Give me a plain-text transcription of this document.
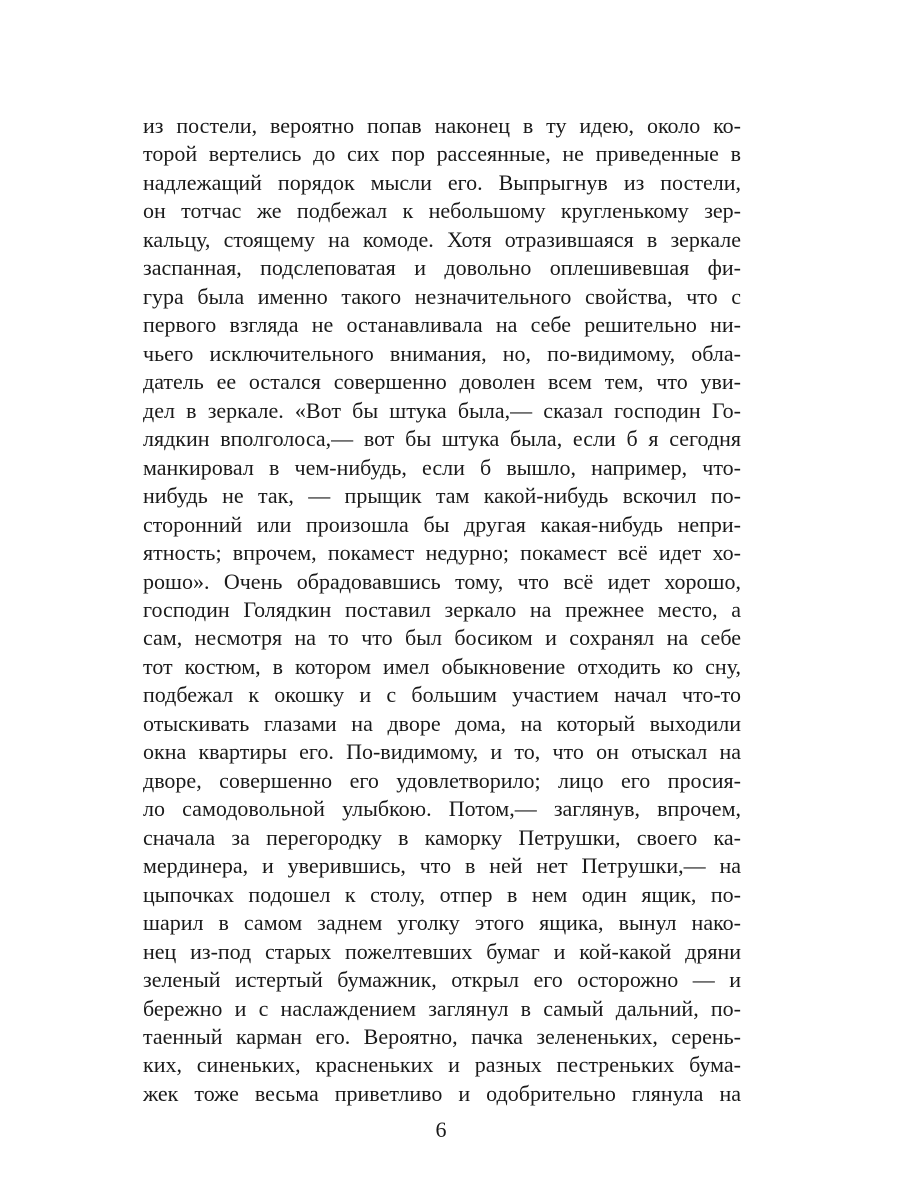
из постели, вероятно попав наконец в ту идею, около ко-
торой вертелись до сих пор рассеянные, не приведенные в
надлежащий порядок мысли его. Выпрыгнув из постели,
он тотчас же подбежал к небольшому кругленькому зер-
кальцу, стоящему на комоде. Хотя отразившаяся в зеркале
заспанная, подслеповатая и довольно оплешивевшая фи-
гура была именно такого незначительного свойства, что с
первого взгляда не останавливала на себе решительно ни-
чьего исключительного внимания, но, по-видимому, обла-
датель ее остался совершенно доволен всем тем, что уви-
дел в зеркале. «Вот бы штука была,— сказал господин Го-
лядкин вполголоса,— вот бы штука была, если б я сегодня
манкировал в чем-нибудь, если б вышло, например, что-
нибудь не так, — прыщик там какой-нибудь вскочил по-
сторонний или произошла бы другая какая-нибудь непри-
ятность; впрочем, покамест недурно; покамест всё идет хо-
рошо». Очень обрадовавшись тому, что всё идет хорошо,
господин Голядкин поставил зеркало на прежнее место, а
сам, несмотря на то что был босиком и сохранял на себе
тот костюм, в котором имел обыкновение отходить ко сну,
подбежал к окошку и с большим участием начал что-то
отыскивать глазами на дворе дома, на который выходили
окна квартиры его. По-видимому, и то, что он отыскал на
дворе, совершенно его удовлетворило; лицо его просия-
ло самодовольной улыбкою. Потом,— заглянув, впрочем,
сначала за перегородку в каморку Петрушки, своего ка-
мердинера, и уверившись, что в ней нет Петрушки,— на
цыпочках подошел к столу, отпер в нем один ящик, по-
шарил в самом заднем уголку этого ящика, вынул нако-
нец из-под старых пожелтевших бумаг и кой-какой дряни
зеленый истертый бумажник, открыл его осторожно — и
бережно и с наслаждением заглянул в самый дальний, по-
таенный карман его. Вероятно, пачка зелененьких, серень-
ких, синеньких, красненьких и разных пестреньких бума-
жек тоже весьма приветливо и одобрительно глянула на
6
